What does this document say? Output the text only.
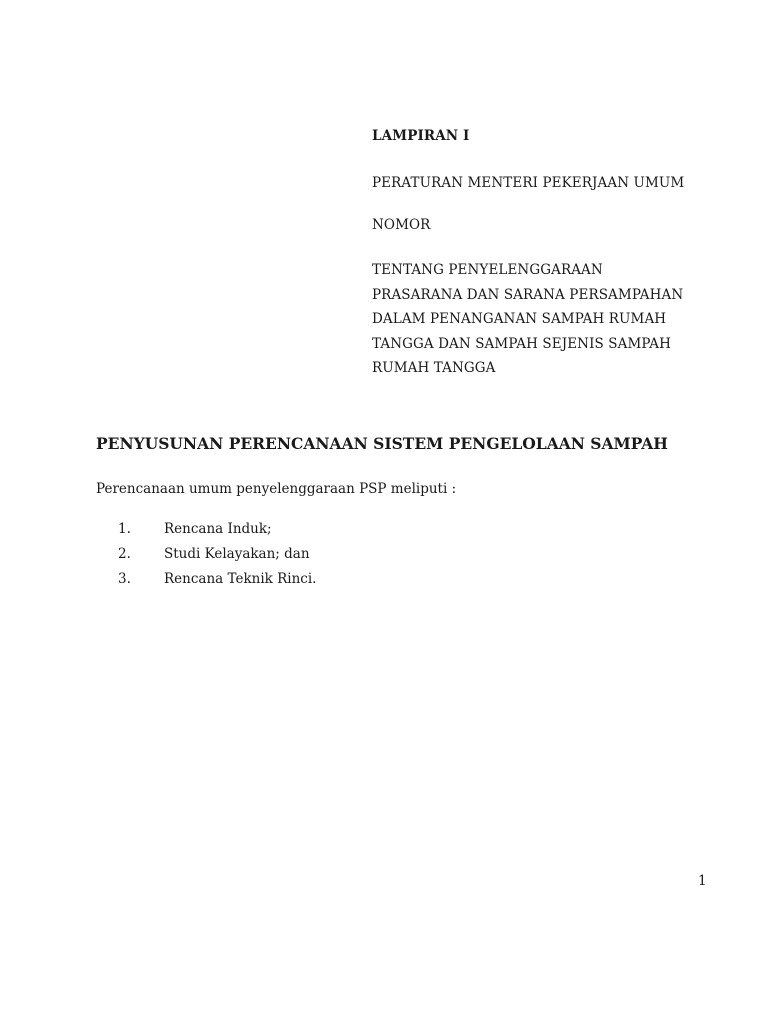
LAMPIRAN I

PERATURAN MENTERI PEKERJAAN UMUM

NOMOR

TENTANG PENYELENGGARAAN

PRASARANA DAN SARANA PERSAMPAHAN

DALAM PENANGANAN SAMPAH RUMAH

TANGGA DAN SAMPAH SEJENIS SAMPAH

RUMAH TANGGA

PENYUSUNAN PERENCANAAN SISTEM PENGELOLAAN SAMPAH

Perencanaan umum penyelenggaraan PSP meliputi :

1. Rencana Induk;
2. Studi Kelayakan; dan
3. Rencana Teknik Rinci.
1
